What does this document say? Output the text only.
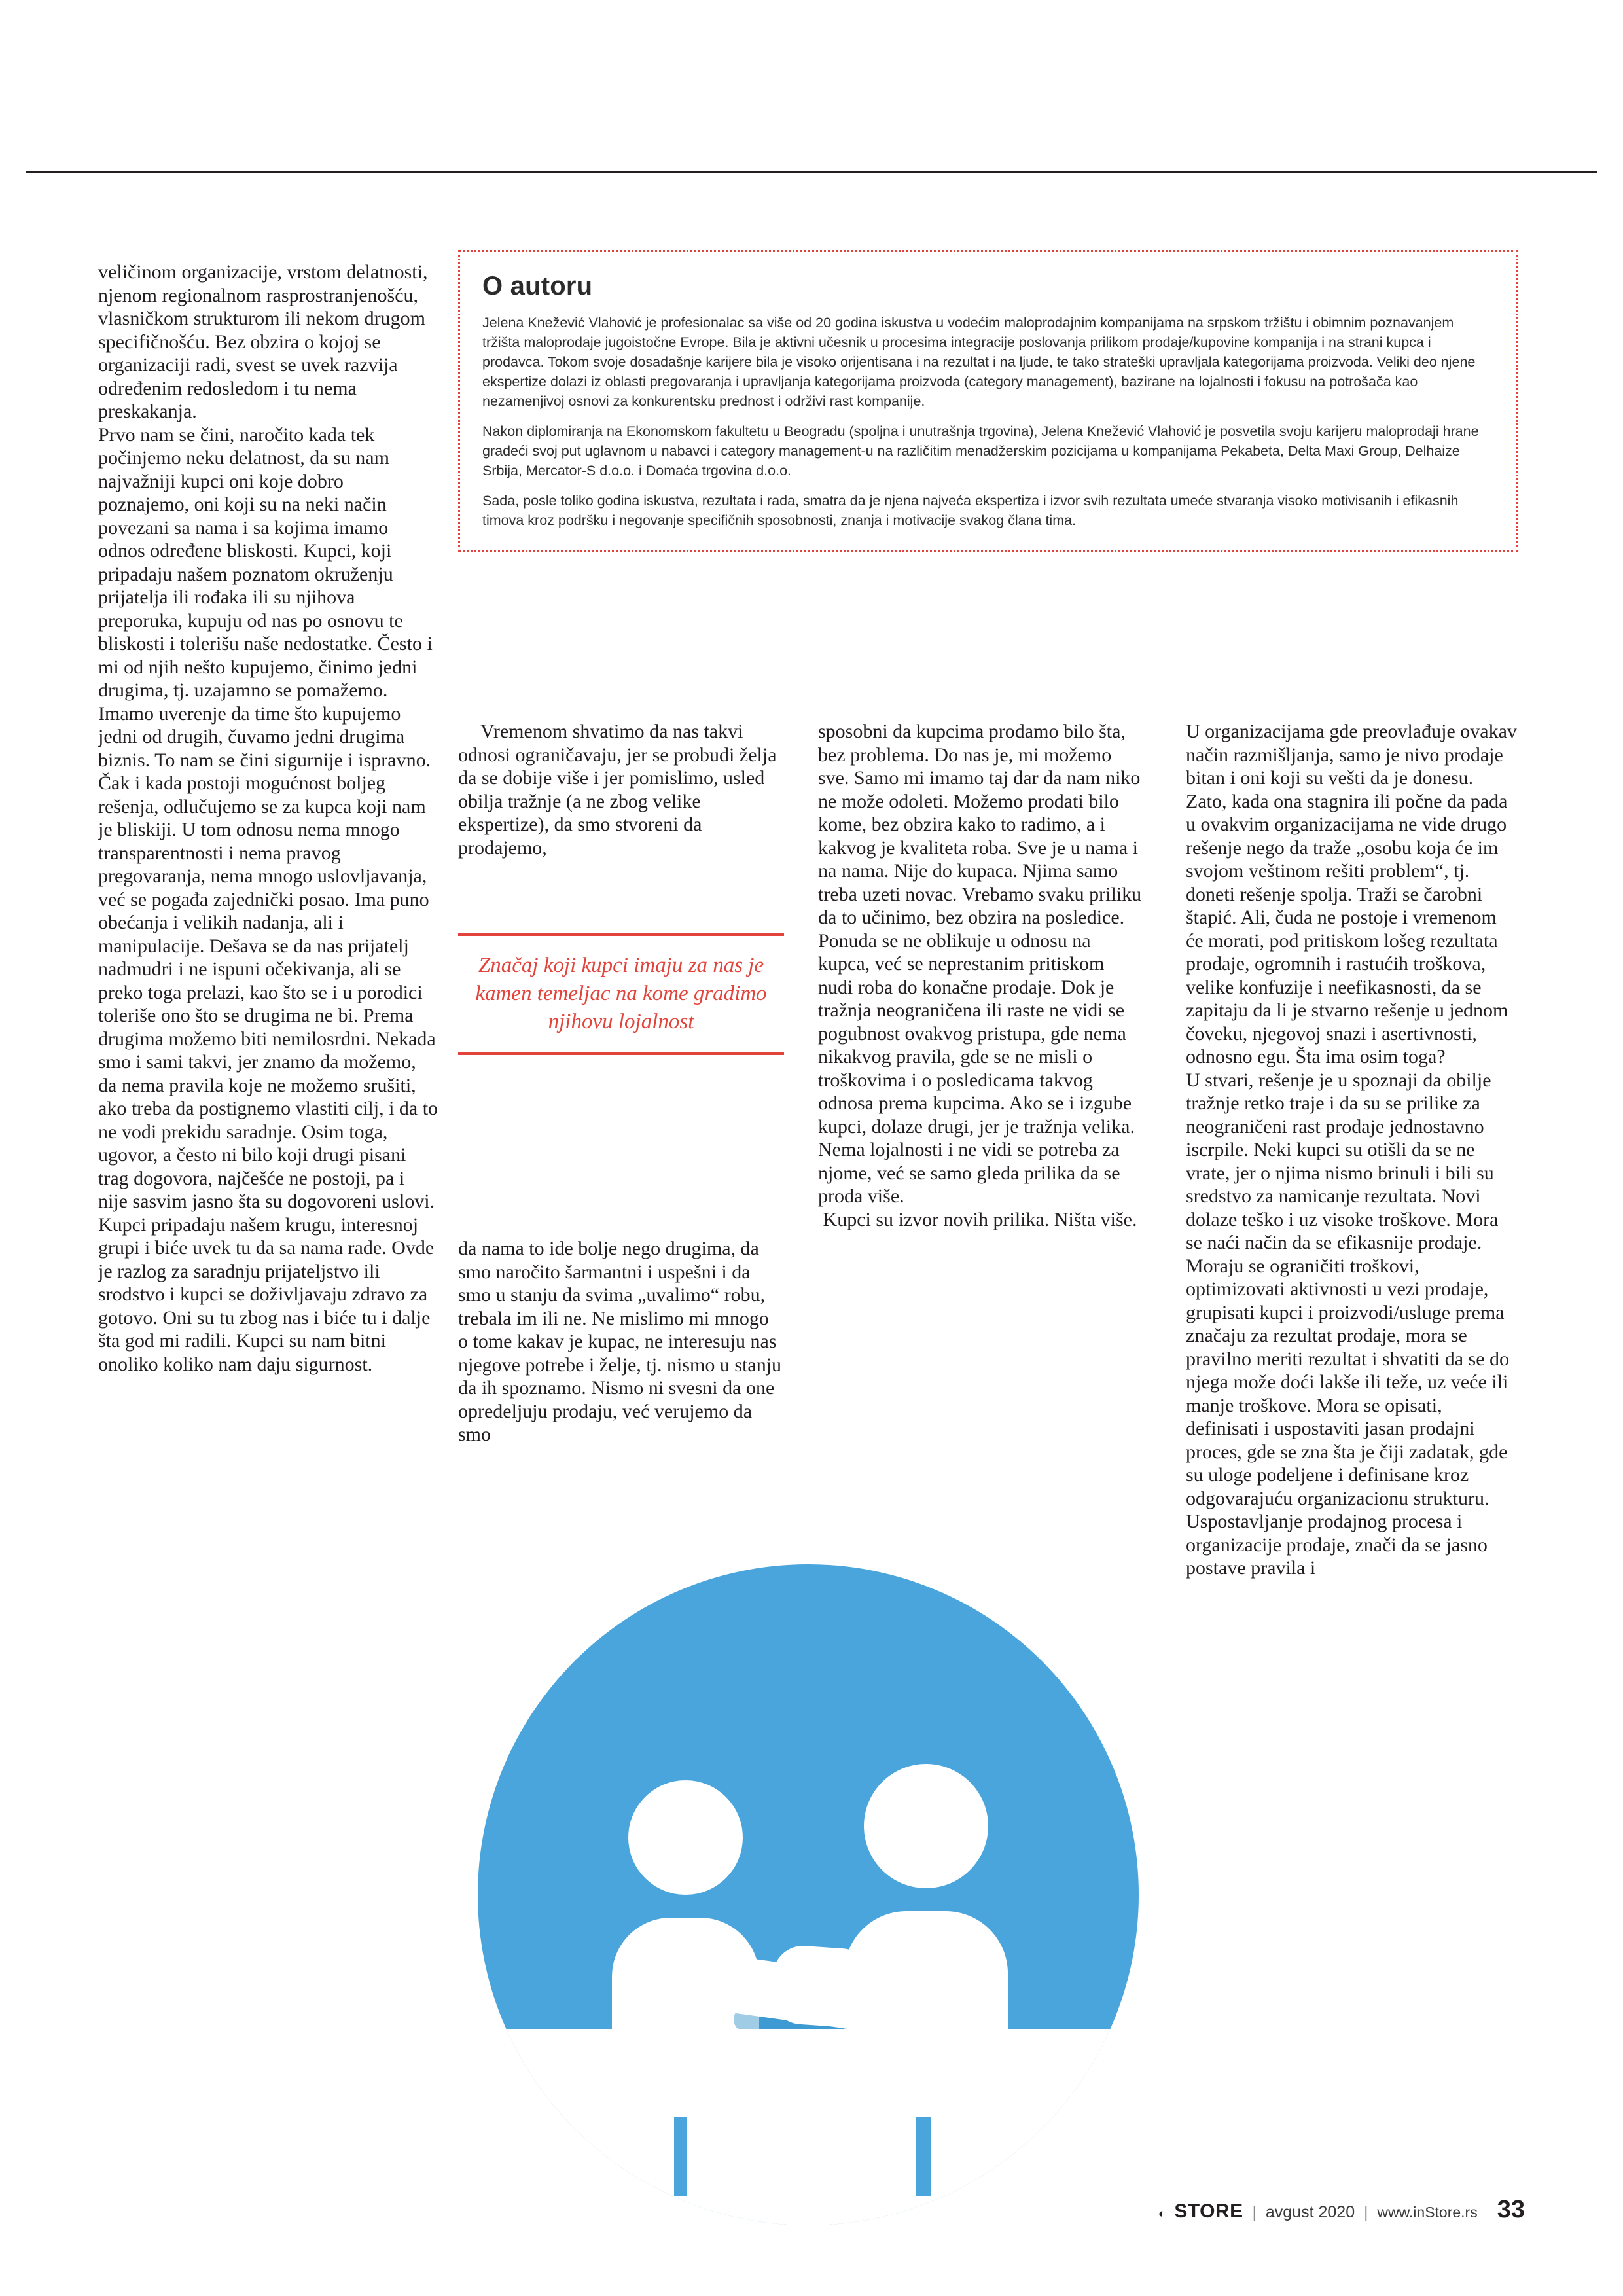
veličinom organizacije, vrstom delatnosti, njenom regionalnom rasprostranjenošću, vlasničkom strukturom ili nekom drugom specifičnošću. Bez obzira o kojoj se organizaciji radi, svest se uvek razvija određenim redosledom i tu nema preskakanja.

Prvo nam se čini, naročito kada tek počinjemo neku delatnost, da su nam najvažniji kupci oni koje dobro poznajemo, oni koji su na neki način povezani sa nama i sa kojima imamo odnos određene bliskosti. Kupci, koji pripadaju našem poznatom okruženju prijatelja ili rođaka ili su njihova preporuka, kupuju od nas po osnovu te bliskosti i tolerišu naše nedostatke. Često i mi od njih nešto kupujemo, činimo jedni drugima, tj. uzajamno se pomažemo. Imamo uverenje da time što kupujemo jedni od drugih, čuvamo jedni drugima biznis. To nam se čini sigurnije i ispravno. Čak i kada postoji mogućnost boljeg rešenja, odlučujemo se za kupca koji nam je bliskiji. U tom odnosu nema mnogo transparentnosti i nema pravog pregovaranja, nema mnogo uslovljavanja, već se pogađa zajednički posao. Ima puno obećanja i velikih nadanja, ali i manipulacije. Dešava se da nas prijatelj nadmudri i ne ispuni očekivanja, ali se preko toga prelazi, kao što se i u porodici toleriše ono što se drugima ne bi. Prema drugima možemo biti nemilosrdni. Nekada smo i sami takvi, jer znamo da možemo, da nema pravila koje ne možemo srušiti, ako treba da postignemo vlastiti cilj, i da to ne vodi prekidu saradnje. Osim toga, ugovor, a često ni bilo koji drugi pisani trag dogovora, najčešće ne postoji, pa i nije sasvim jasno šta su dogovoreni uslovi. Kupci pripadaju našem krugu, interesnoj grupi i biće uvek tu da sa nama rade. Ovde je razlog za saradnju prijateljstvo ili srodstvo i kupci se doživljavaju zdravo za gotovo. Oni su tu zbog nas i biće tu i dalje šta god mi radili. Kupci su nam bitni onoliko koliko nam daju sigurnost.

O autoru

Jelena Knežević Vlahović je profesionalac sa više od 20 godina iskustva u vodećim maloprodajnim kompanijama na srpskom tržištu i obimnim poznavanjem tržišta maloprodaje jugoistočne Evrope. Bila je aktivni učesnik u procesima integracije poslovanja prilikom prodaje/kupovine kompanija i na strani kupca i prodavca. Tokom svoje dosadašnje karijere bila je visoko orijentisana i na rezultat i na ljude, te tako strateški upravljala kategorijama proizvoda. Veliki deo njene ekspertize dolazi iz oblasti pregovaranja i upravljanja kategorijama proizvoda (category management), bazirane na lojalnosti i fokusu na potrošača kao nezamenjivoj osnovi za konkurentsku prednost i održivi rast kompanije.

Nakon diplomiranja na Ekonomskom fakultetu u Beogradu (spoljna i unutrašnja trgovina), Jelena Knežević Vlahović je posvetila svoju karijeru maloprodaji hrane gradeći svoj put uglavnom u nabavci i category management-u na različitim menadžerskim pozicijama u kompanijama Pekabeta, Delta Maxi Group, Delhaize Srbija, Mercator-S d.o.o. i Domaća trgovina d.o.o.

Sada, posle toliko godina iskustva, rezultata i rada, smatra da je njena najveća ekspertiza i izvor svih rezultata umeće stvaranja visoko motivisanih i efikasnih timova kroz podršku i negovanje specifičnih sposobnosti, znanja i motivacije svakog člana tima.

Vremenom shvatimo da nas takvi odnosi ograničavaju, jer se probudi želja da se dobije više i jer pomislimo, usled obilja tražnje (a ne zbog velike ekspertize), da smo stvoreni da prodajemo,

Značaj koji kupci imaju za nas je kamen temeljac na kome gradimo njihovu lojalnost

da nama to ide bolje nego drugima, da smo naročito šarmantni i uspešni i da smo u stanju da svima „uvalimo“ robu, trebala im ili ne. Ne mislimo mi mnogo o tome kakav je kupac, ne interesuju nas njegove potrebe i želje, tj. nismo u stanju da ih spoznamo. Nismo ni svesni da one opredeljuju prodaju, već verujemo da smo

sposobni da kupcima prodamo bilo šta, bez problema. Do nas je, mi možemo sve. Samo mi imamo taj dar da nam niko ne može odoleti. Možemo prodati bilo kome, bez obzira kako to radimo, a i kakvog je kvaliteta roba. Sve je u nama i na nama. Nije do kupaca. Njima samo treba uzeti novac. Vrebamo svaku priliku da to učinimo, bez obzira na posledice. Ponuda se ne oblikuje u odnosu na kupca, već se neprestanim pritiskom nudi roba do konačne prodaje. Dok je tražnja neograničena ili raste ne vidi se pogubnost ovakvog pristupa, gde nema nikakvog pravila, gde se ne misli o troškovima i o posledicama takvog odnosa prema kupcima. Ako se i izgube kupci, dolaze drugi, jer je tražnja velika. Nema lojalnosti i ne vidi se potreba za njome, već se samo gleda prilika da se proda više.

Kupci su izvor novih prilika. Ništa više.

U organizacijama gde preovlađuje ovakav način razmišljanja, samo je nivo prodaje bitan i oni koji su vešti da je donesu. Zato, kada ona stagnira ili počne da pada u ovakvim organizacijama ne vide drugo rešenje nego da traže „osobu koja će im svojom veštinom rešiti problem“, tj. doneti rešenje spolja. Traži se čarobni štapić. Ali, čuda ne postoje i vremenom će morati, pod pritiskom lošeg rezultata prodaje, ogromnih i rastućih troškova, velike konfuzije i neefikasnosti, da se zapitaju da li je stvarno rešenje u jednom čoveku, njegovoj snazi i asertivnosti, odnosno egu. Šta ima osim toga?

U stvari, rešenje je u spoznaji da obilje tražnje retko traje i da su se prilike za neograničeni rast prodaje jednostavno iscrpile. Neki kupci su otišli da se ne vrate, jer o njima nismo brinuli i bili su sredstvo za namicanje rezultata. Novi dolaze teško i uz visoke troškove. Mora se naći način da se efikasnije prodaje. Moraju se ograničiti troškovi, optimizovati aktivnosti u vezi prodaje, grupisati kupci i proizvodi/usluge prema značaju za rezultat prodaje, mora se pravilno meriti rezultat i shvatiti da se do njega može doći lakše ili teže, uz veće ili manje troškove. Mora se opisati, definisati i uspostaviti jasan prodajni proces, gde se zna šta je čiji zadatak, gde su uloge podeljene i definisane kroz odgovarajuću organizacionu strukturu. Uspostavljanje prodajnog procesa i organizacije prodaje, znači da se jasno postave pravila i

◐ STORE | avgust 2020 | www.inStore.rs 33
